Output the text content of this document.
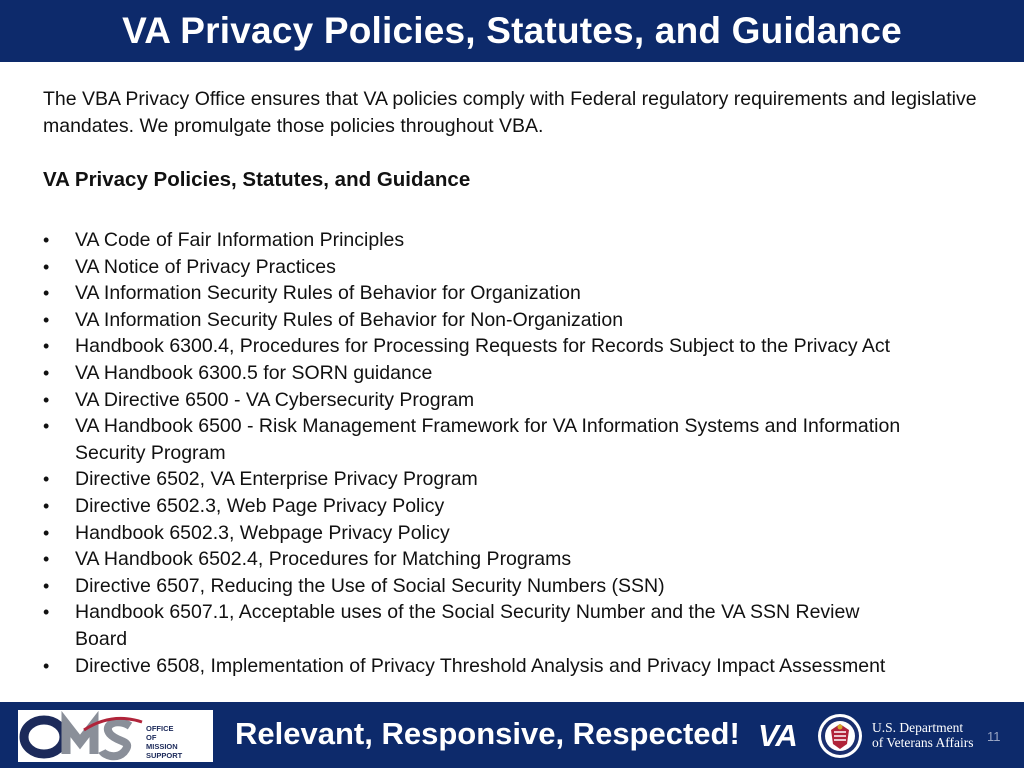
VA Privacy Policies, Statutes, and Guidance

The VBA Privacy Office ensures that VA policies comply with Federal regulatory requirements and legislative mandates. We promulgate those policies throughout VBA.

VA Privacy Policies, Statutes, and Guidance
• VA Code of Fair Information Principles
• VA Notice of Privacy Practices
• VA Information Security Rules of Behavior for Organization
• VA Information Security Rules of Behavior for Non-Organization
• Handbook 6300.4, Procedures for Processing Requests for Records Subject to the Privacy Act
• VA Handbook 6300.5 for SORN guidance
• VA Directive 6500 - VA Cybersecurity Program
• VA Handbook 6500 - Risk Management Framework for VA Information Systems and Information Security Program
• Directive 6502, VA Enterprise Privacy Program
• Directive 6502.3, Web Page Privacy Policy
• Handbook 6502.3, Webpage Privacy Policy
• VA Handbook 6502.4, Procedures for Matching Programs
• Directive 6507, Reducing the Use of Social Security Numbers (SSN)
• Handbook 6507.1, Acceptable uses of the Social Security Number and the VA SSN Review Board
• Directive 6508, Implementation of Privacy Threshold Analysis and Privacy Impact Assessment

OFFICE
OF
MISSION SUPPORT

Relevant, Responsive, Respected! VA	U.S. Department
of Veterans Affairs 11
